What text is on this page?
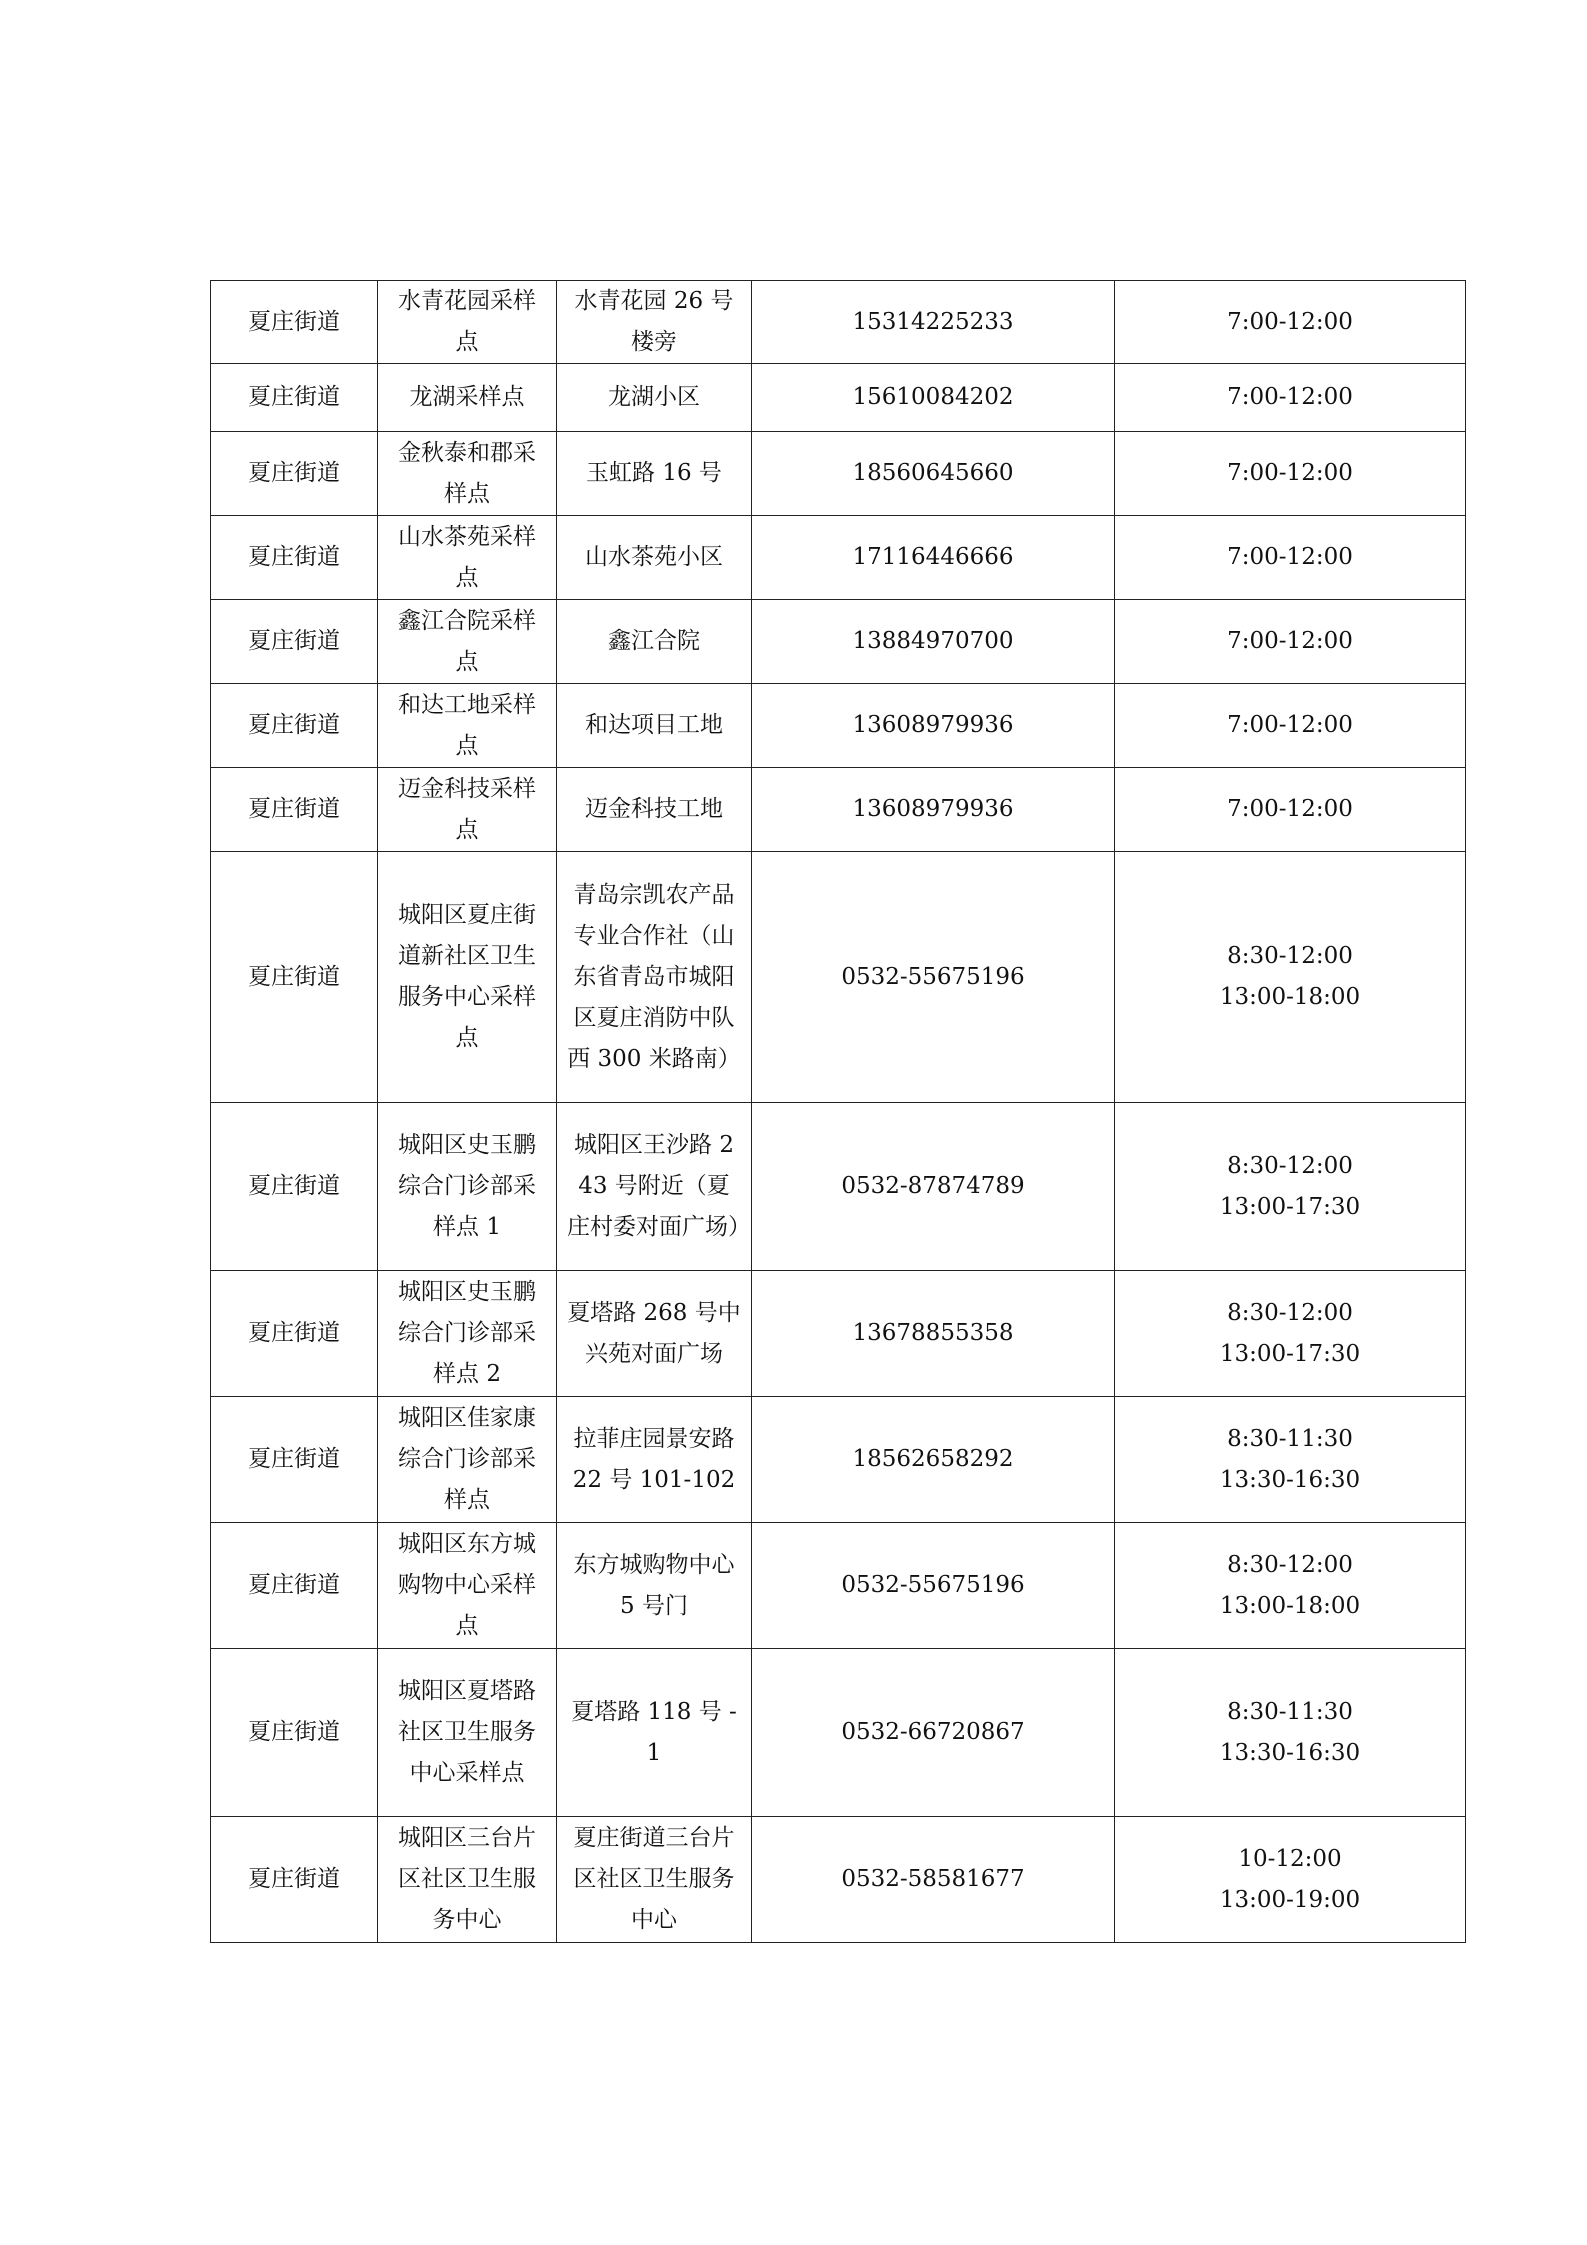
夏庄街道	水青花园采样点	水青花园 26 号楼旁	15314225233	7:00-12:00

夏庄街道	龙湖采样点	龙湖小区	15610084202	7:00-12:00

夏庄街道	金秋泰和郡采样点	玉虹路 16 号	18560645660	7:00-12:00

夏庄街道	山水茶苑采样点	山水茶苑小区	17116446666	7:00-12:00

夏庄街道	鑫江合院采样点	鑫江合院	13884970700	7:00-12:00

夏庄街道	和达工地采样点	和达项目工地	13608979936	7:00-12:00

夏庄街道	迈金科技采样点	迈金科技工地	13608979936	7:00-12:00

夏庄街道	城阳区夏庄街道新社区卫生服务中心采样点	青岛宗凯农产品专业合作社（山东省青岛市城阳区夏庄消防中队西 300 米路南）	0532-55675196	8:30-12:00
13:00-18:00

夏庄街道	城阳区史玉鹏综合门诊部采样点 1	城阳区王沙路 243 号附近（夏庄村委对面广场）	0532-87874789	8:30-12:00
13:00-17:30

夏庄街道	城阳区史玉鹏综合门诊部采样点 2	夏塔路 268 号中兴苑对面广场	13678855358	8:30-12:00
13:00-17:30

夏庄街道	城阳区佳家康综合门诊部采样点	拉菲庄园景安路 22 号 101-102	18562658292	8:30-11:30
13:30-16:30

夏庄街道	城阳区东方城购物中心采样点	东方城购物中心 5 号门	0532-55675196	8:30-12:00
13:00-18:00

夏庄街道	城阳区夏塔路社区卫生服务中心采样点	夏塔路 118 号 -1	0532-66720867	8:30-11:30
13:30-16:30

夏庄街道	城阳区三台片区社区卫生服务中心	夏庄街道三台片区社区卫生服务中心	0532-58581677	10-12:00
13:00-19:00
